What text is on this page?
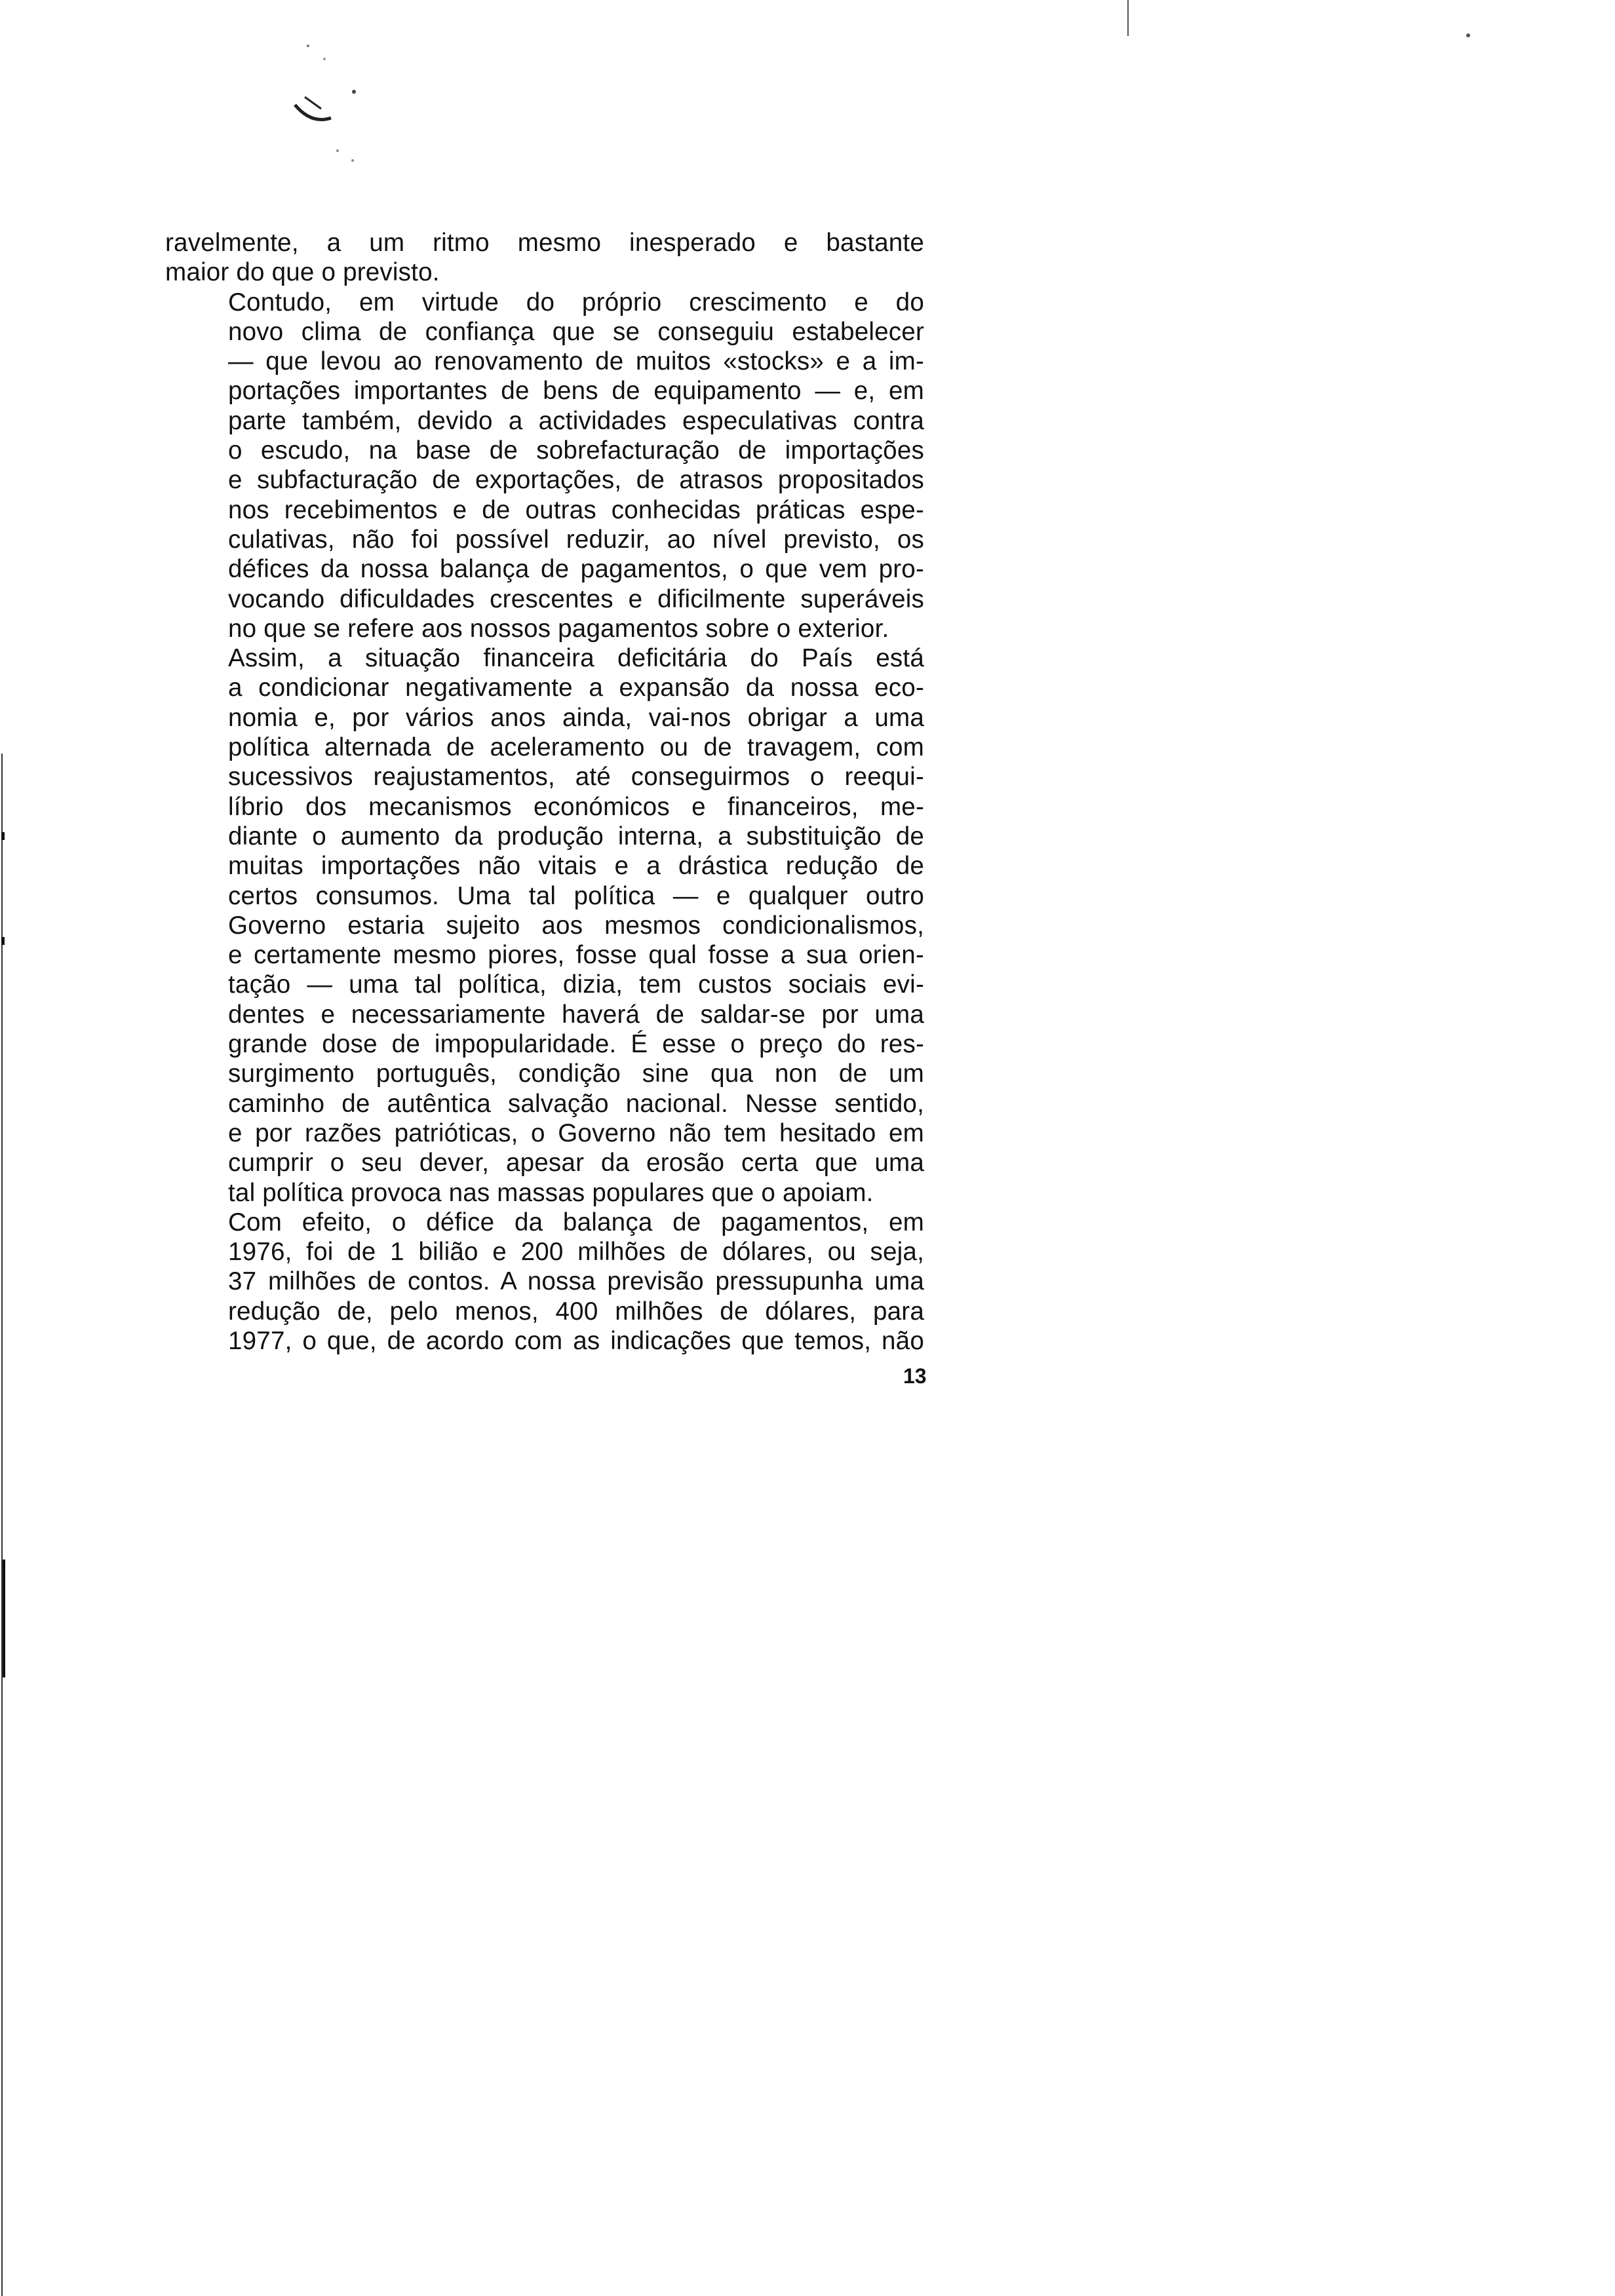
ravelmente, a um ritmo mesmo inesperado e bastante
maior do que o previsto.

Contudo, em virtude do próprio crescimento e do
novo clima de confiança que se conseguiu estabelecer
— que levou ao renovamento de muitos «stocks» e a im-
portações importantes de bens de equipamento — e, em
parte também, devido a actividades especulativas contra
o escudo, na base de sobrefacturação de importações
e subfacturação de exportações, de atrasos propositados
nos recebimentos e de outras conhecidas práticas espe-
culativas, não foi possível reduzir, ao nível previsto, os
défices da nossa balança de pagamentos, o que vem pro-
vocando dificuldades crescentes e dificilmente superáveis
no que se refere aos nossos pagamentos sobre o exterior.

Assim, a situação financeira deficitária do País está
a condicionar negativamente a expansão da nossa eco-
nomia e, por vários anos ainda, vai-nos obrigar a uma
política alternada de aceleramento ou de travagem, com
sucessivos reajustamentos, até conseguirmos o reequi-
líbrio dos mecanismos económicos e financeiros, me-
diante o aumento da produção interna, a substituição de
muitas importações não vitais e a drástica redução de
certos consumos. Uma tal política — e qualquer outro
Governo estaria sujeito aos mesmos condicionalismos,
e certamente mesmo piores, fosse qual fosse a sua orien-
tação — uma tal política, dizia, tem custos sociais evi-
dentes e necessariamente haverá de saldar-se por uma
grande dose de impopularidade. É esse o preço do res-
surgimento português, condição sine qua non de um
caminho de autêntica salvação nacional. Nesse sentido,
e por razões patrióticas, o Governo não tem hesitado em
cumprir o seu dever, apesar da erosão certa que uma
tal política provoca nas massas populares que o apoiam.

Com efeito, o défice da balança de pagamentos, em
1976, foi de 1 bilião e 200 milhões de dólares, ou seja,
37 milhões de contos. A nossa previsão pressupunha uma
redução de, pelo menos, 400 milhões de dólares, para
1977, o que, de acordo com as indicações que temos, não

13
